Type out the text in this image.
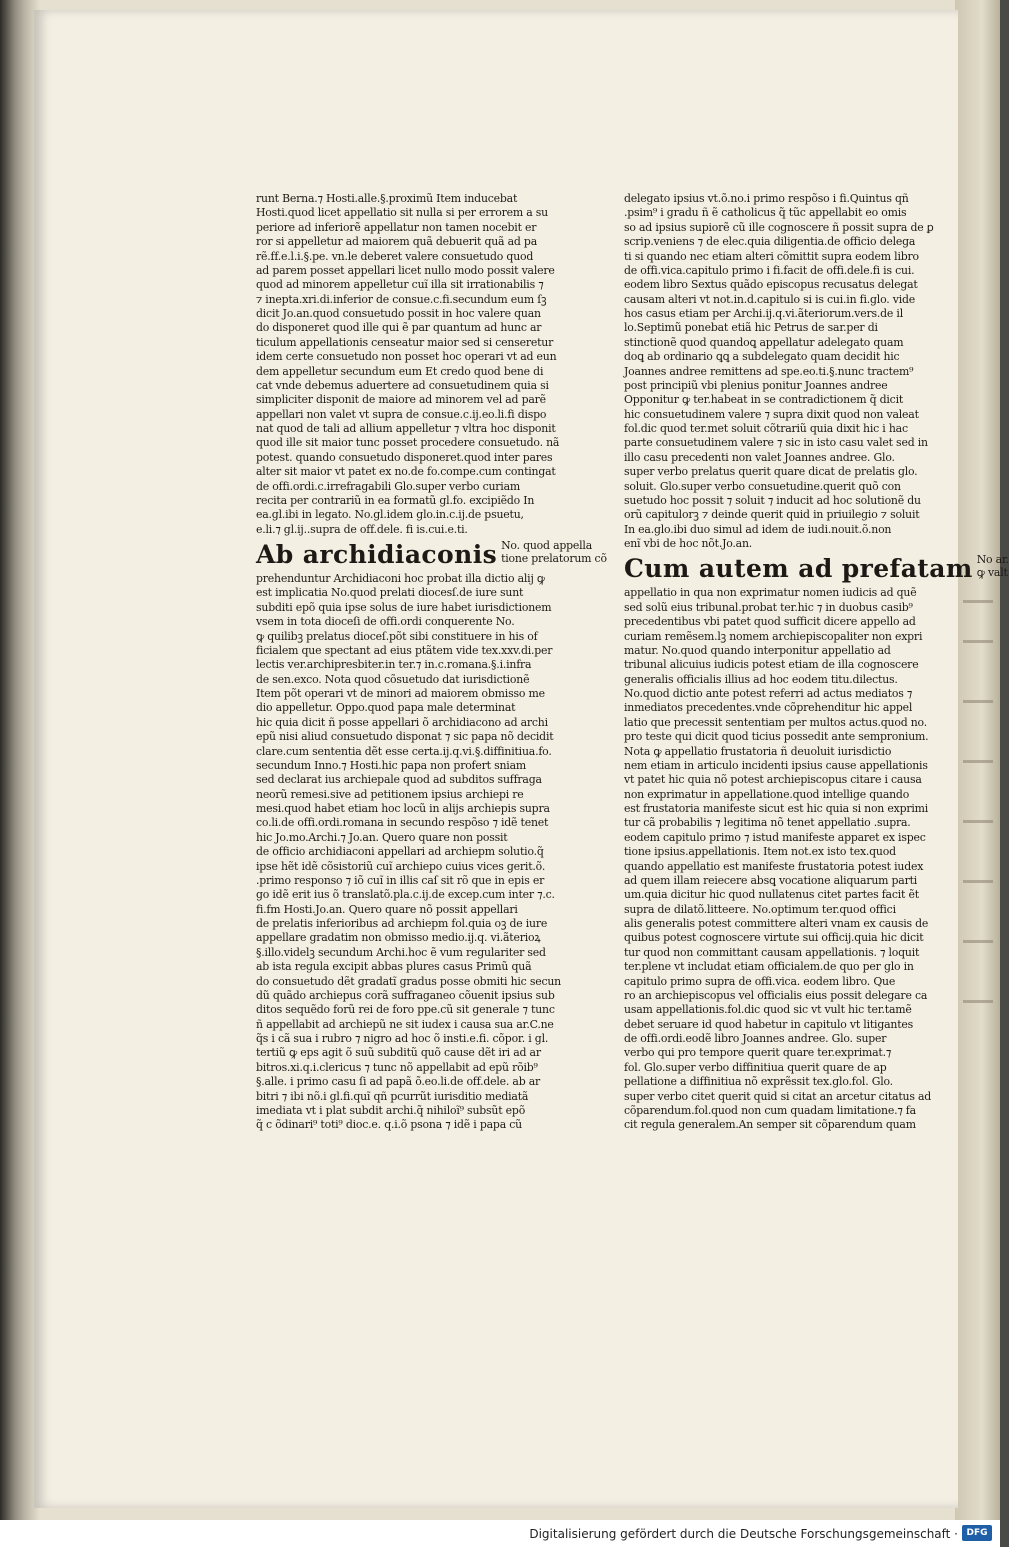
runt Berna.⁊ Hosti.alle.§.proximũ Item inducebat
Hosti.quod licet appellatio sit nulla si per errorem a su
periore ad inferiorẽ appellatur non tamen nocebit er
ror si appelletur ad maiorem quã debuerit quã ad pa
rẽ.ff.e.l.i.§.pe. vn.le deberet valere consuetudo quod
ad parem posset appellari licet nullo modo possit valere
quod ad minorem appelletur cuĩ illa sit irrationabilis ⁊
⁊ inepta.xri.di.inferior de consue.c.fi.secundum eum ſꝫ
dicit Jo.an.quod consuetudo possit in hoc valere quan
do disponeret quod ille qui ẽ par quantum ad hunc ar
ticulum appellationis censeatur maior sed si censeretur
idem certe consuetudo non posset hoc operari vt ad eun
dem appelletur secundum eum Et credo quod bene di
cat vnde debemus aduertere ad consuetudinem quia si
simpliciter disponit de maiore ad minorem vel ad parẽ
appellari non valet vt supra de consue.c.ij.eo.li.fi dispo
nat quod de tali ad allium appelletur ⁊ vltra hoc disponit
quod ille sit maior tunc posset procedere consuetudo. nã
potest. quando consuetudo disponeret.quod inter pares
alter sit maior vt patet ex no.de fo.compe.cum contingat
de offi.ordi.c.irrefragabili Glo.super verbo curiam
recita per contrariũ in ea formatũ gl.fo. excipiẽdo In
ea.gl.ibi in legato. No.gl.idem glo.in.c.ij.de psuetu,
e.li.⁊ gl.ij..supra de off.dele. fi is.cui.e.ti.
Ab archidiaconis No. quod appella
tione prelatorum cõ
prehenduntur Archidiaconi hoc probat illa dictio alij ꝙ
est implicatia No.quod prelati diocesſ.de iure sunt
subditi epõ quia ipse solus de iure habet iurisdictionem
vsem in tota dioceſi de offi.ordi conquerente No.
ꝙ quilibꝫ prelatus dioceſ.põt sibi constituere in his of
ficialem que spectant ad eius ptãtem vide tex.xxv.di.per
lectis ver.archipresbiter.in ter.⁊ in.c.romana.§.i.infra
de sen.exco. Nota quod cõsuetudo dat iurisdictionẽ
Item põt operari vt de minori ad maiorem obmisso me
dio appelletur. Oppo.quod papa male determinat
hic quia dicit ñ posse appellari õ archidiacono ad archi
epũ nisi aliud consuetudo disponat ⁊ sic papa nõ decidit
clare.cum sententia dẽt esse certa.ij.q.vi.§.diffinitiua.fo.
secundum Inno.⁊ Hosti.hic papa non profert sniam
sed declarat ius archiepale quod ad subditos suffraga
neorũ remesi.sive ad petitionem ipsius archiepi re
mesi.quod habet etiam hoc locũ in alijs archiepis supra
co.li.de offi.ordi.romana in secundo respõso ⁊ idẽ tenet
hic Jo.mo.Archi.⁊ Jo.an. Quero quare non possit
de officio archidiaconi appellari ad archiepm solutio.q̃
ipse hẽt idẽ cõsistoriũ cuĩ archiepo cuius vices gerit.õ.
.primo responso ⁊ iõ cuĩ in illis caſ sit rõ que in epis er
go idẽ erit ius õ translatõ.pla.c.ij.de excep.cum inter ⁊.c.
fi.fm Hosti.Jo.an. Quero quare nõ possit appellari
de prelatis inferioribus ad archiepm fol.quia oꝫ de iure
appellare gradatim non obmisso medio.ij.q. vi.ãterioꝝ
§.illo.videlꝫ secundum Archi.hoc ẽ vum regulariter sed
ab ista regula excipit abbas plures casus Primũ quã
do consuetudo dẽt gradatĩ gradus posse obmiti hic secun
dũ quãdo archiepus corã suffraganeo cõuenit ipsius sub
ditos sequẽdo forũ rei de foro ppe.cũ sit generale ⁊ tunc
ñ appellabit ad archiepũ ne sit iudex i causa sua ar.C.ne
q̃s i cã sua i rubro ⁊ nigro ad hoc õ insti.e.fi. cõpor. i gl.
tertiũ ꝙ eps agit õ suũ subditũ quõ cause dẽt iri ad ar
bitros.xi.q.i.clericus ⁊ tunc nõ appellabit ad epũ rõib⁹
§.alle. i primo casu ſi ad papã õ.eo.li.de off.dele. ab ar
bitri ⁊ ibi nõ.i gl.fi.quĩ qñ pcurrũt iurisditio mediatã
imediata vt i plat subdit archi.q̃ nihiloĩ⁹ subsũt epõ
q̃ c õdinari⁹ toti⁹ dioc.e. q.i.õ psona ⁊ idẽ i papa cũ
delegato ipsius vt.õ.no.i primo respõso i fi.Quintus qñ
.psim⁹ i gradu ñ ẽ catholicus q̃ tũc appellabit eo omis
so ad ipsius supiorẽ cũ ille cognoscere ñ possit supra de ꝑ
scrip.veniens ⁊ de elec.quia diligentia.de officio delega
ti si quando nec etiam alteri cõmittit supra eodem libro
de offi.vica.capitulo primo i fi.facit de offi.dele.fi is cui.
eodem libro Sextus quãdo episcopus recusatus delegat
causam alteri vt not.in.d.capitulo si is cui.in fi.glo. vide
hos casus etiam per Archi.ij.q.vi.ãteriorum.vers.de il
lo.Septimũ ponebat etiã hic Petrus de sar.per di
stinctionẽ quod quandoꝗ appellatur adelegato quam
doꝗ ab ordinario ꝗꝗ a subdelegato quam decidit hic
Joannes andree remittens ad spe.eo.ti.§.nunc tractem⁹
post principiũ vbi plenius ponitur Joannes andree
Opponitur ꝙ ter.habeat in se contradictionem q̃ dicit
hic consuetudinem valere ⁊ supra dixit quod non valeat
fol.dic quod ter.met soluit cõtrariũ quia dixit hic i hac
parte consuetudinem valere ⁊ sic in isto casu valet sed in
illo casu precedenti non valet Joannes andree. Glo.
super verbo prelatus querit quare dicat de prelatis glo.
soluit. Glo.super verbo consuetudine.querit quõ con
suetudo hoc possit ⁊ soluit ⁊ inducit ad hoc solutionẽ du
orũ capitulorꝫ ⁊ deinde querit quid in priuilegio ⁊ soluit
In ea.glo.ibi duo simul ad idem de iudi.nouit.õ.non
enĩ vbi de hoc nõt.Jo.an.
Cum autem ad prefatam No ar.
ꝙ valt
appellatio in qua non exprimatur nomen iudicis ad quẽ
sed solũ eius tribunal.probat ter.hic ⁊ in duobus casib⁹
precedentibus vbi patet quod sufficit dicere appello ad
curiam remẽsem.lꝫ nomem archiepiscopaliter non expri
matur. No.quod quando interponitur appellatio ad
tribunal alicuius iudicis potest etiam de illa cognoscere
generalis officialis illius ad hoc eodem titu.dilectus.
No.quod dictio ante potest referri ad actus mediatos ⁊
inmediatos precedentes.vnde cõprehenditur hic appel
latio que precessit sententiam per multos actus.quod no.
pro teste qui dicit quod ticius possedit ante sempronium.
Nota ꝙ appellatio frustatoria ñ deuoluit iurisdictio
nem etiam in articulo incidenti ipsius cause appellationis
vt patet hic quia nõ potest archiepiscopus citare i causa
non exprimatur in appellatione.quod intellige quando
est frustatoria manifeste sicut est hic quia si non exprimi
tur cã probabilis ⁊ legitima nõ tenet appellatio .supra.
eodem capitulo primo ⁊ istud manifeste apparet ex ispec
tione ipsius.appellationis. Item not.ex isto tex.quod
quando appellatio est manifeste frustatoria potest iudex
ad quem illam reiecere absꝗ vocatione aliquarum parti
um.quia dicitur hic quod nullatenus citet partes facit ẽt
supra de dilatõ.litteere. No.optimum ter.quod offici
alis generalis potest committere alteri vnam ex causis de
quibus potest cognoscere virtute sui officij.quia hic dicit
tur quod non committant causam appellationis. ⁊ loquit
ter.plene vt includat etiam officialem.de quo per glo in
capitulo primo supra de offi.vica. eodem libro. Que
ro an archiepiscopus vel officialis eius possit delegare ca
usam appellationis.fol.dic quod sic vt vult hic ter.tamẽ
debet seruare id quod habetur in capitulo vt litigantes
de offi.ordi.eodẽ libro Joannes andree. Glo. super
verbo qui pro tempore querit quare ter.exprimat.⁊
fol. Glo.super verbo diffinitiua querit quare de ap
pellatione a diffinitiua nõ exprẽssit tex.glo.fol. Glo.
super verbo citet querit quid si citat an arcetur citatus ad
cõparendum.fol.quod non cum quadam limitatione.⁊ fa
cit regula generalem.An semper sit cõparendum quam
Digitalisierung gefördert durch die Deutsche Forschungsgemeinschaft · DFG
